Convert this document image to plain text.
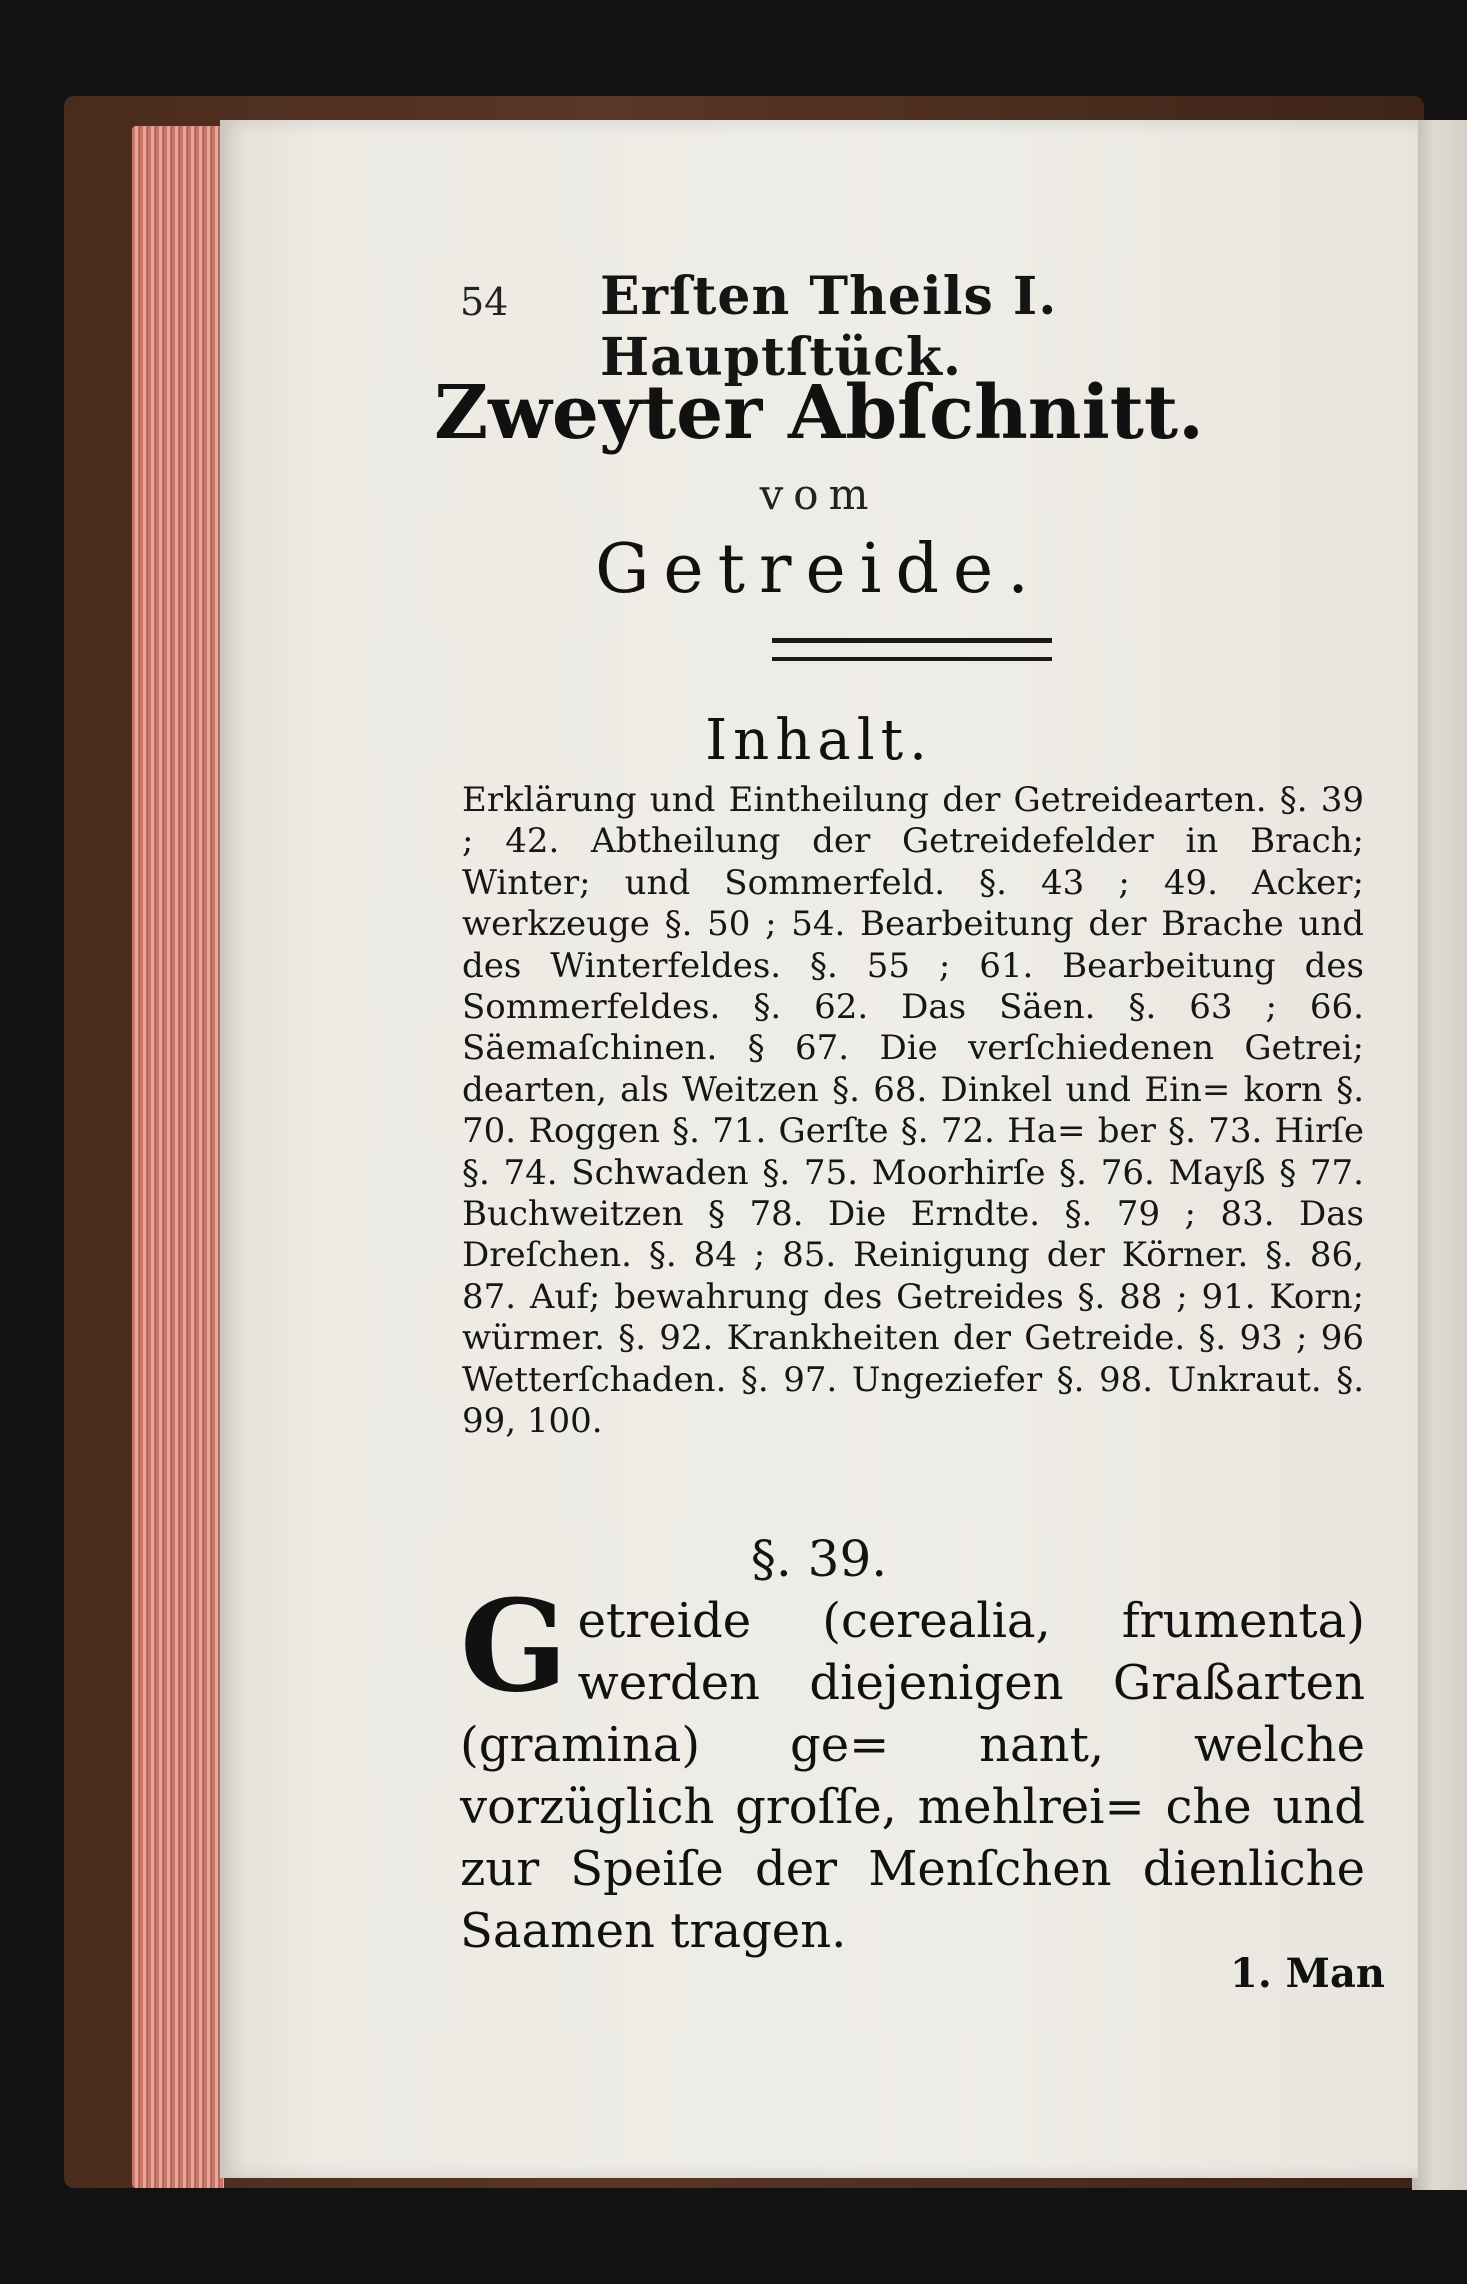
54 Erſten Theils I. Hauptſtück.
Zweyter Abſchnitt.
vom
Getreide.
Inhalt.

Erklärung und Eintheilung der Getreidearten. §. 39 ; 42. Abtheilung der Getreidefelder in Brach; Winter; und Sommerfeld. §. 43 ; 49. Acker; werkzeuge §. 50 ; 54. Bearbeitung der Brache und des Winterfeldes. §. 55 ; 61. Bearbeitung des Sommerfeldes. §. 62. Das Säen. §. 63 ; 66. Säemaſchinen. § 67. Die verſchiedenen Getrei; dearten, als Weitzen §. 68. Dinkel und Ein= korn §. 70. Roggen §. 71. Gerſte §. 72. Ha= ber §. 73. Hirſe §. 74. Schwaden §. 75. Moorhirſe §. 76. Mayß § 77. Buchweitzen § 78. Die Erndte. §. 79 ; 83. Das Dreſchen. §. 84 ; 85. Reinigung der Körner. §. 86, 87. Auf; bewahrung des Getreides §. 88 ; 91. Korn; würmer. §. 92. Krankheiten der Getreide. §. 93 ; 96 Wetterſchaden. §. 97. Ungeziefer §. 98. Unkraut. §. 99, 100.

§. 39.

Getreide (cerealia, frumenta) werden diejenigen Graßarten (gramina) ge= nant, welche vorzüglich groſſe, mehlrei= che und zur Speiſe der Menſchen dienliche Saamen tragen.

1. Man
